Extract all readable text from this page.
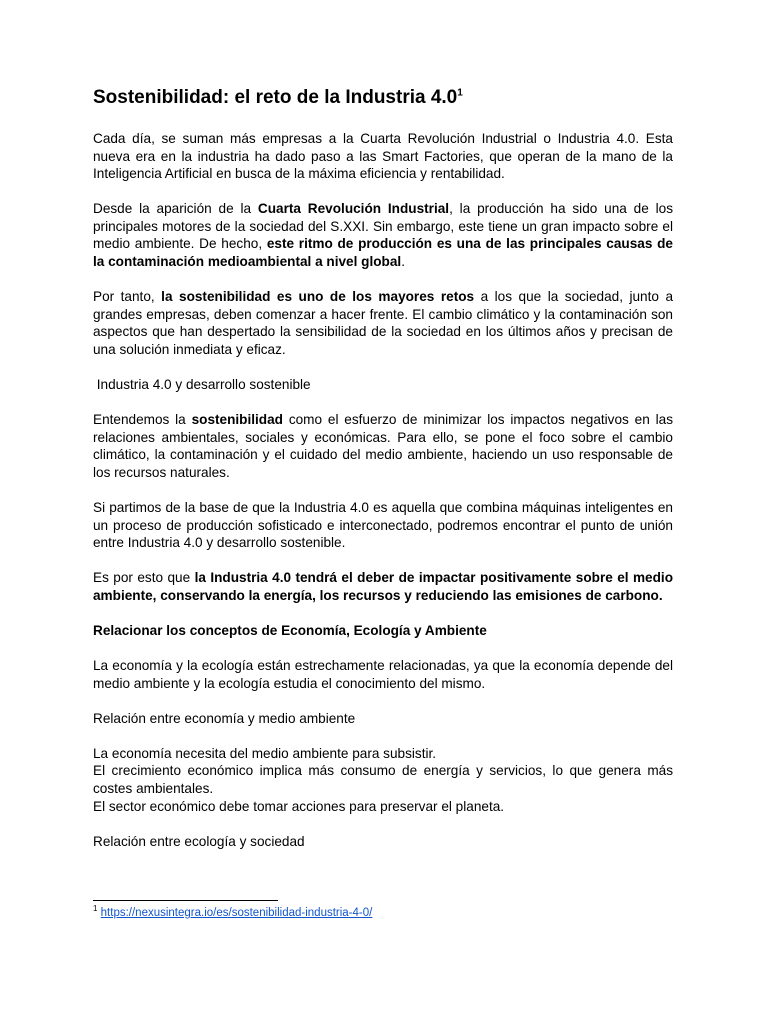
Sostenibilidad: el reto de la Industria $4.0^1$

Cada día, se suman más empresas a la Cuarta Revolución Industrial o Industria 4.0. Esta nueva era en la industria ha dado paso a las Smart Factories, que operan de la mano de la Inteligencia Artificial en busca de la máxima eficiencia y rentabilidad.

Desde la aparición de la Cuarta Revolución Industrial, la producción ha sido una de los principales motores de la sociedad del S.XXI. Sin embargo, este tiene un gran impacto sobre el medio ambiente. De hecho, este ritmo de producción es una de las principales causas de la contaminación medioambiental a nivel global.

Por tanto, la sostenibilidad es uno de los mayores retos a los que la sociedad, junto a grandes empresas, deben comenzar a hacer frente. El cambio climático y la contaminación son aspectos que han despertado la sensibilidad de la sociedad en los últimos años y precisan de una solución inmediata y eficaz.

Industria 4.0 y desarrollo sostenible

Entendemos la sostenibilidad como el esfuerzo de minimizar los impactos negativos en las relaciones ambientales, sociales y económicas. Para ello, se pone el foco sobre el cambio climático, la contaminación y el cuidado del medio ambiente, haciendo un uso responsable de los recursos naturales.

Si partimos de la base de que la Industria 4.0 es aquella que combina máquinas inteligentes en un proceso de producción sofisticado e interconectado, podremos encontrar el punto de unión entre Industria 4.0 y desarrollo sostenible.

Es por esto que la Industria 4.0 tendrá el deber de impactar positivamente sobre el medio ambiente, conservando la energía, los recursos y reduciendo las emisiones de carbono.

Relacionar los conceptos de Economía, Ecología y Ambiente

La economía y la ecología están estrechamente relacionadas, ya que la economía depende del medio ambiente y la ecología estudia el conocimiento del mismo.

Relación entre economía y medio ambiente

La economía necesita del medio ambiente para subsistir.

El crecimiento económico implica más consumo de energía y servicios, lo que genera más costes ambientales.

El sector económico debe tomar acciones para preservar el planeta.

Relación entre ecología y sociedad

$^1$ https://nexusintegra.io/es/sostenibilidad-industria-4-0/
